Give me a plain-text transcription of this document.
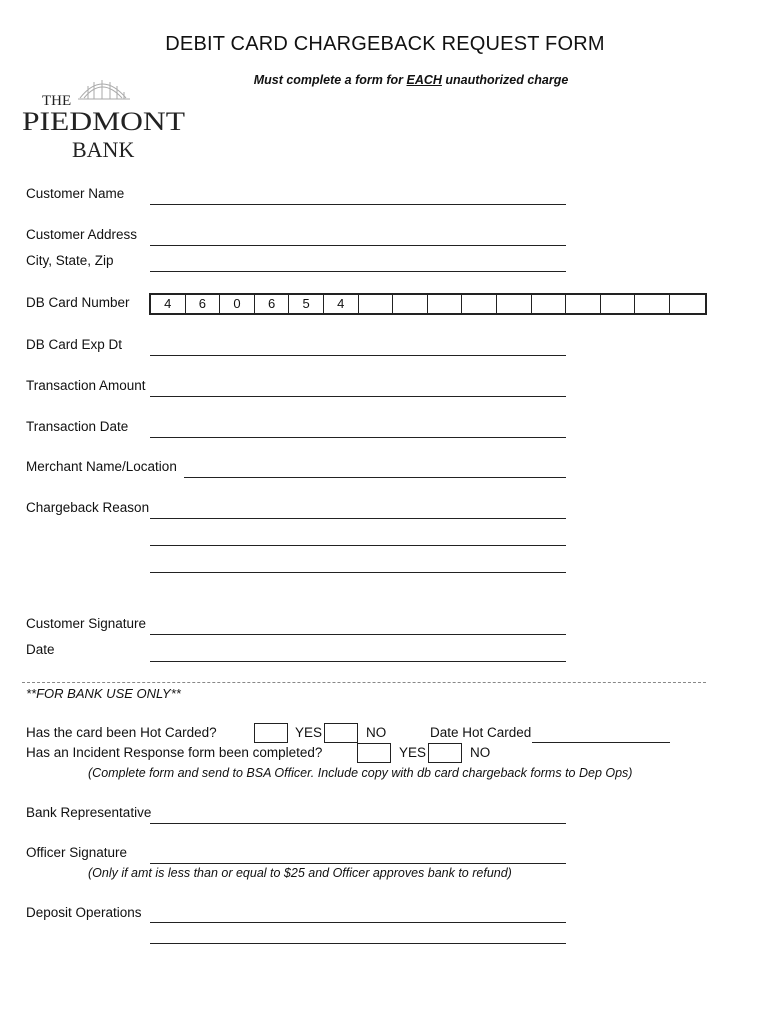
DEBIT CARD CHARGEBACK REQUEST FORM
Must complete a form for EACH unauthorized charge
THE
PIEDMONT
BANK
Customer Name
Customer Address
City, State, Zip
DB Card Number	4	6	0	6	5	4
DB Card Exp Dt
Transaction Amount
Transaction Date
Merchant Name/Location
Chargeback Reason
Customer Signature
Date
**FOR BANK USE ONLY**
Has the card been Hot Carded?	YES	NO	Date Hot Carded
Has an Incident Response form been completed?	YES	NO
(Complete form and send to BSA Officer. Include copy with db card chargeback forms to Dep Ops)
Bank Representative
Officer Signature
(Only if amt is less than or equal to $25 and Officer approves bank to refund)
Deposit Operations
